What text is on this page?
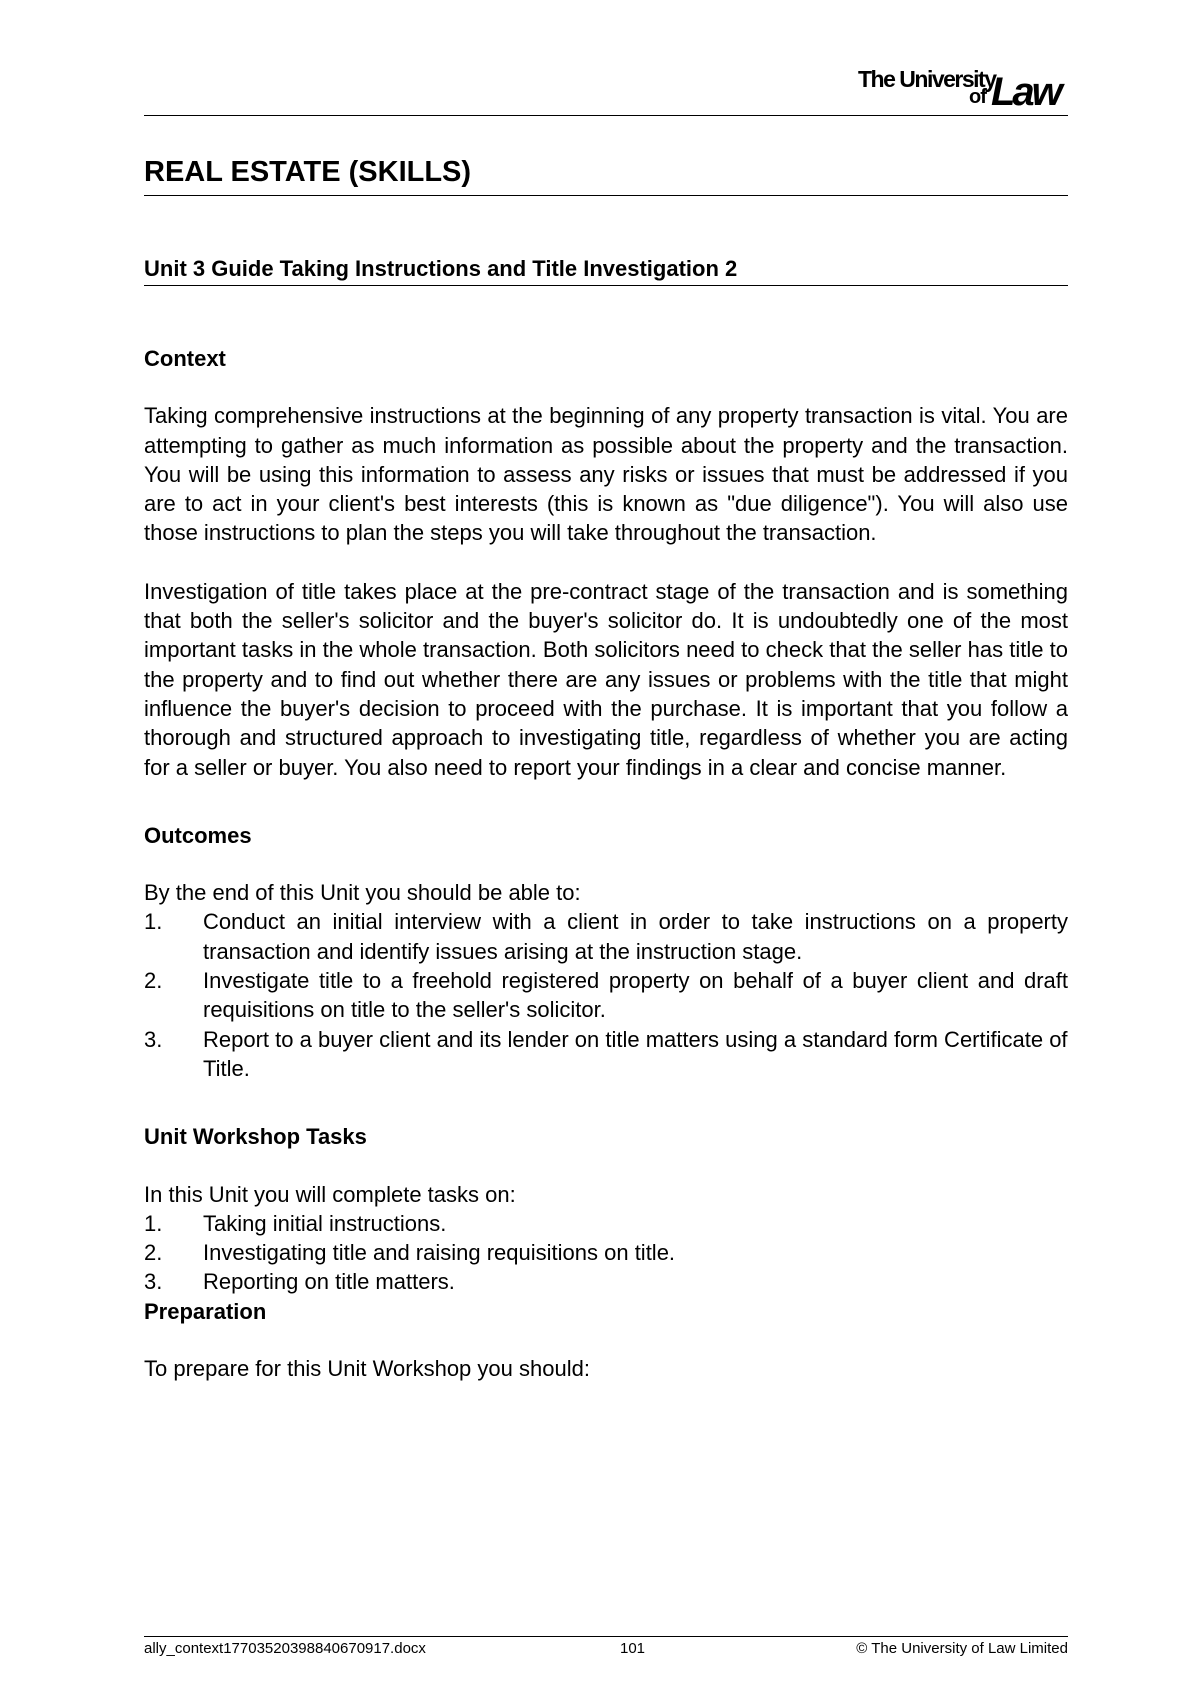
The University
of Law
REAL ESTATE (SKILLS)
Unit 3 Guide Taking Instructions and Title Investigation 2
Context

Taking comprehensive instructions at the beginning of any property transaction is vital. You are attempting to gather as much information as possible about the property and the transaction. You will be using this information to assess any risks or issues that must be addressed if you are to act in your client's best interests (this is known as "due diligence"). You will also use those instructions to plan the steps you will take throughout the transaction.

Investigation of title takes place at the pre-contract stage of the transaction and is something that both the seller's solicitor and the buyer's solicitor do. It is undoubtedly one of the most important tasks in the whole transaction. Both solicitors need to check that the seller has title to the property and to find out whether there are any issues or problems with the title that might influence the buyer's decision to proceed with the purchase. It is important that you follow a thorough and structured approach to investigating title, regardless of whether you are acting for a seller or buyer. You also need to report your findings in a clear and concise manner.

Outcomes

By the end of this Unit you should be able to:

1. Conduct an initial interview with a client in order to take instructions on a property transaction and identify issues arising at the instruction stage.
2. Investigate title to a freehold registered property on behalf of a buyer client and draft requisitions on title to the seller's solicitor.
3. Report to a buyer client and its lender on title matters using a standard form Certificate of Title.
Unit Workshop Tasks

In this Unit you will complete tasks on:

1. Taking initial instructions.
2. Investigating title and raising requisitions on title.
3. Reporting on title matters.
Preparation

To prepare for this Unit Workshop you should:

ally_context17703520398840670917.docx	101	© The University of Law Limited
